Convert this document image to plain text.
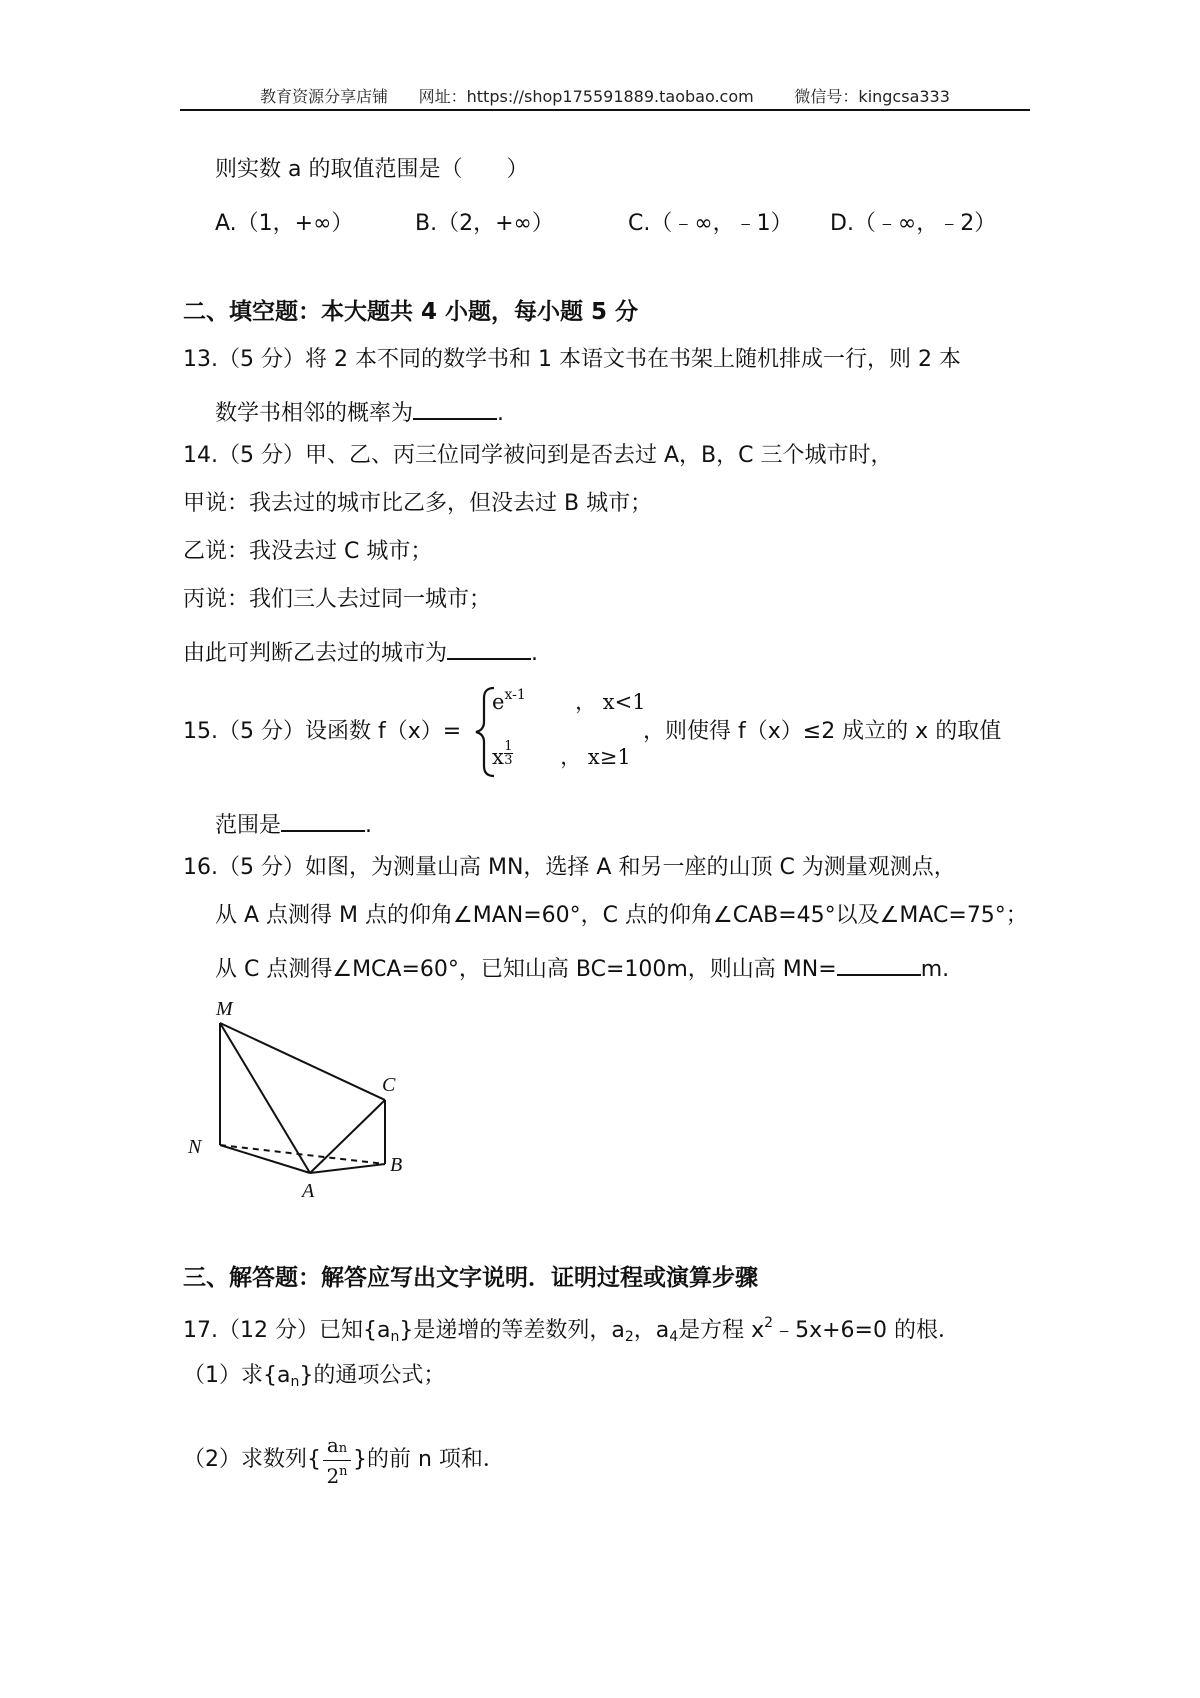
教育资源分享店铺 网址：https://shop175591889.taobao.com	微信号：kingcsa333
则实数 a 的取值范围是（　　）
A.（1，+∞）	B.（2，+∞）	C.（﹣∞，﹣1） D.（﹣∞，﹣2）
二、填空题：本大题共 4 小题，每小题 5 分
13.（5 分）将 2 本不同的数学书和 1 本语文书在书架上随机排成一行，则 2 本
数学书相邻的概率为	.
14.（5 分）甲、乙、丙三位同学被问到是否去过 A，B，C 三个城市时，
甲说：我去过的城市比乙多，但没去过 B 城市；
乙说：我没去过 C 城市；
丙说：我们三人去过同一城市；
由此可判断乙去过的城市为	.
15.（5 分）设函数 f（x）=
$e^{x-1}$ ， x<1
x $\frac{1}{3}$ ， x≥1
，则使得 f（x）≤2 成立的 x 的取值
范围是	.
16.（5 分）如图，为测量山高 MN，选择 A 和另一座的山顶 C 为测量观测点，
从 A 点测得 M 点的仰角∠MAN=60°，C 点的仰角∠CAB=45°以及∠MAC=75°；
从 C 点测得∠MCA=60°，已知山高 BC=100m，则山高 MN=	m.
M
N
A
B
C
三、解答题：解答应写出文字说明．证明过程或演算步骤
17.（12 分）已知$\{a_n\}$是递增的等差数列，$a_2$，$a_4$是方程 $x^2﹣5x+6=0$ 的根．
（1）求$\{a_n\}$的通项公式；
（2）求数列{
an
2$^n$ }的前 n 项和．
